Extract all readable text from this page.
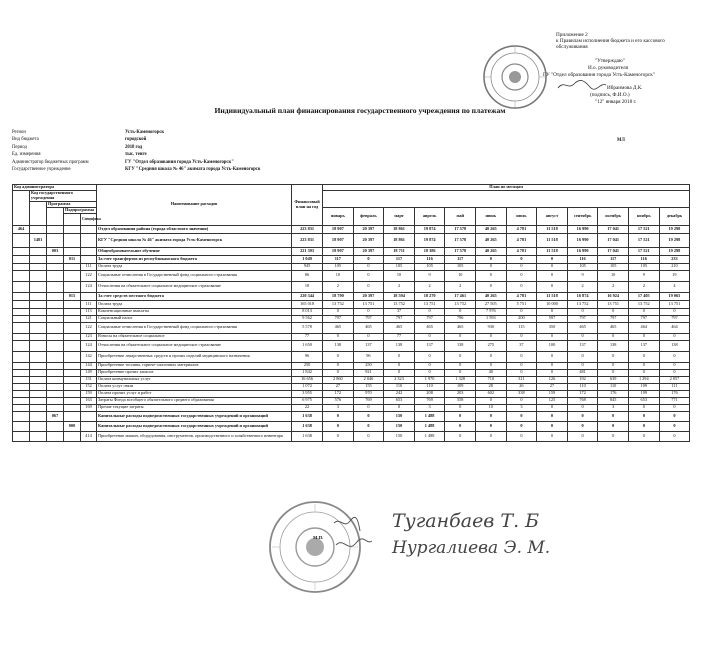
Приложение 2
к Правилам исполнения бюджета и его кассового
обслуживания
"Утверждаю"
И.о. руководителя
ГУ "Отдел образования города Усть-Каменогорск"
Ибраимова Д.К.
(подпись, Ф.И.О.)
"12" января 2018 г.
Индивидуальный план финансирования государственного учреждения по платежам
Регион	Усть-Каменогорск
Вид бюджета	городской
Период	2018 год
Ед. измерения	тыс. тенге
Администратор бюджетных программ	ГУ "Отдел образования города Усть-Каменогорск"
Государственное учреждение	КГУ "Средняя школа № 46" акимата города Усть-Каменогорск
МЛ
Код администратора					Наименование расходов	Финансовый план на год	План по месяцам											
	Код государственного учреждения																	
		Программа																
			Подпрограмма				январь	февраль	март	апрель	май	июнь	июль	август	сентябрь	октябрь	ноябрь	декабрь
				Специфика														

464					Отдел образования района (города областного значения)	223 831	18 907	20 397	18 861	19 874	17 578	40 265	4 781	11 518	16 990	17 041	17 521	19 298
	1481				КГУ "Средняя школа № 46" акимата города Усть-Каменогорск	223 831	18 907	20 397	18 861	19 874	17 578	40 265	4 781	11 518	16 990	17 041	17 521	19 298
		003			Общеобразовательное обучение	221 393	18 907	20 397	18 711	18 386	17 578	40 265	4 781	11 518	16 990	17 041	17 521	19 298
			011		За счет трансфертов из республиканского бюджета	1 049	117	0	117	116	117	0	0	0	116	117	116	233
				111	Оплата труда	945	105	0	105	105	105	0	0	0	105	105	105	210
				122	Социальные отчисления в Государственный фонд социального страхования	86	10	0	10	9	10	0	0	0	9	10	9	19
				124	Отчисления на обязательное социальное медицинское страхование	18	2	0	2	2	2	0	0	0	2	2	2	4
			015		За счет средств местного бюджета	220 344	18 790	20 397	18 594	18 270	17 461	40 265	4 781	11 518	16 874	16 924	17 405	19 065
				111	Оплата труда	165 018	13 752	13 751	13 752	13 751	13 752	27 505	5 751	10 000	13 752	13 751	13 752	13 751
				113	Компенсационные выплаты	8 013	0	0	37	0	0	7 976	0	0	0	0	0	0
				121	Социальный налог	9 562	797	797	797	797	796	1 593	200	597	797	797	797	797
				122	Социальные отчисления в Государственный фонд социального страхования	5 578	465	465	465	465	465	930	115	350	465	465	464	464
				123	Взносы на обязательное социальное	77	0	0	77	0	0	0	0	0	0	0	0	0
				124	Отчисления на обязательное социальное медицинское страхование	1 650	138	137	138	137	138	275	37	100	137	138	137	138
				142	Приобретение лекарственных средств и прочих изделий медицинского назначения	96	0	96	0	0	0	0	0	0	0	0	0	0
				144	Приобретение топлива, горюче-смазочных материалов	250	0	250	0	0	0	0	0	0	0	0	0	0
				149	Приобретение прочих запасов	1 842	0	921	0	0	0	40	0	0	481	0	0	0
				151	Оплата коммунальных услуг	16 656	2 860	2 046	2 323	1 970	1 328	710	311	126	192	639	1 294	2 857
				152	Оплата услуг связи	1 072	27	155	110	110	109	28	26	27	110	110	109	111
				159	Оплата прочих услуг и работ	3 955	172	970	242	208	203	602	338	159	172	176	199	176
				163	Затраты Фонда всеобщего обязательного среднего образования	6 975	576	769	653	769	558	0	0	125	768	845	653	771
				169	Прочие текущие затраты	22	3	0	0	3	0	10	3	0	0	3	0	0
		067			Капитальные расходы подведомственных государственных учреждений и организаций	1 638	0	0	150	1 488	0	0	0	0	0	0	0	0
			000		Капитальные расходы подведомственных государственных учреждений и организаций	1 638	0	0	150	1 488	0	0	0	0	0	0	0	0
				414	Приобретение машин, оборудования, инструментов, производственного и хозяйственного инвентаря	1 638	0	0	150	1 488	0	0	0	0	0	0	0	0
М.П.
Туганбаев Т. Б
Нургалиева Э. М.
